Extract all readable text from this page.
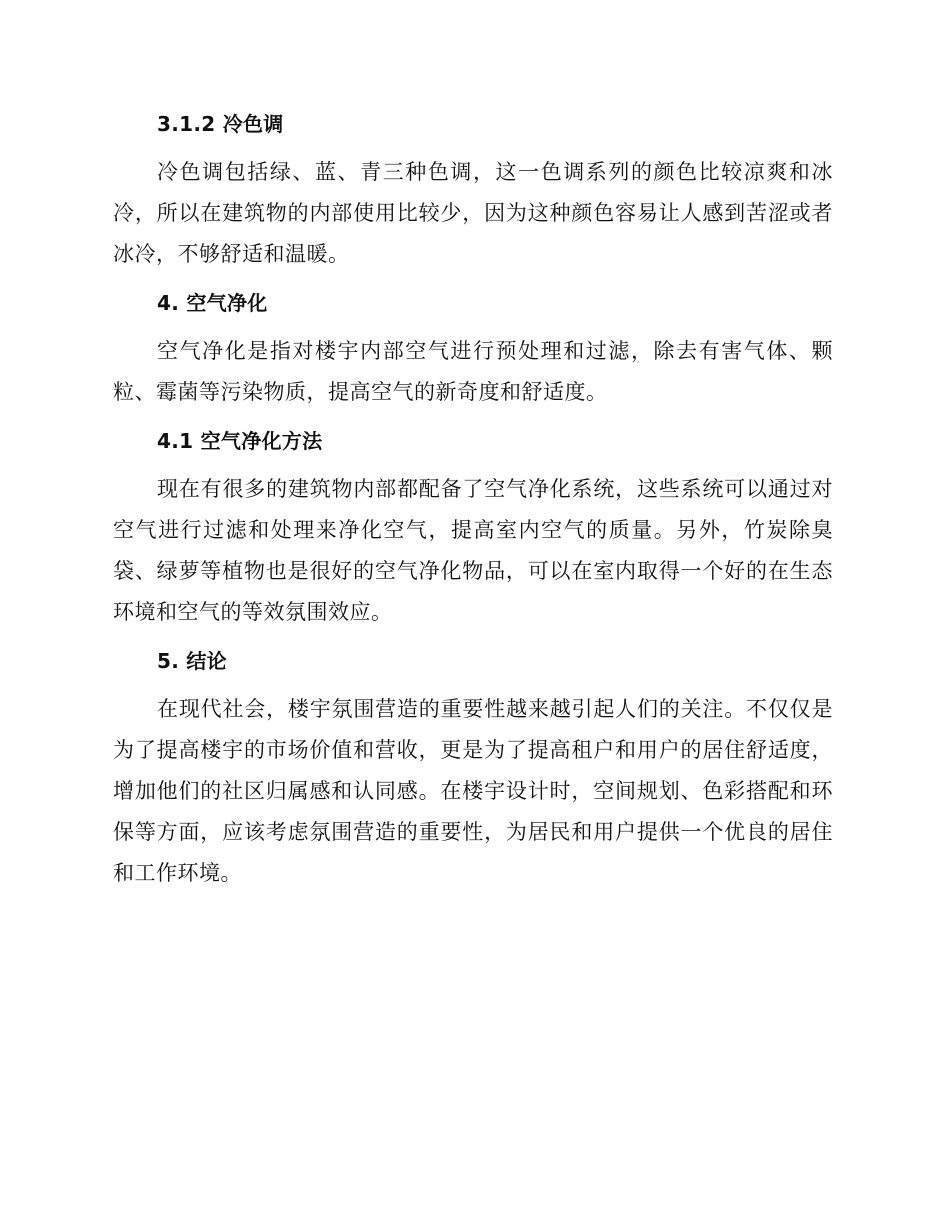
3.1.2 冷色调

冷色调包括绿、蓝、青三种色调，这一色调系列的颜色比较凉爽和冰冷，所以在建筑物的内部使用比较少，因为这种颜色容易让人感到苦涩或者冰冷，不够舒适和温暖。

4. 空气净化

空气净化是指对楼宇内部空气进行预处理和过滤，除去有害气体、颗粒、霉菌等污染物质，提高空气的新奇度和舒适度。

4.1 空气净化方法

现在有很多的建筑物内部都配备了空气净化系统，这些系统可以通过对空气进行过滤和处理来净化空气，提高室内空气的质量。另外，竹炭除臭袋、绿萝等植物也是很好的空气净化物品，可以在室内取得一个好的在生态环境和空气的等效氛围效应。

5. 结论

在现代社会，楼宇氛围营造的重要性越来越引起人们的关注。不仅仅是为了提高楼宇的市场价值和营收，更是为了提高租户和用户的居住舒适度，增加他们的社区归属感和认同感。在楼宇设计时，空间规划、色彩搭配和环保等方面，应该考虑氛围营造的重要性，为居民和用户提供一个优良的居住和工作环境。
